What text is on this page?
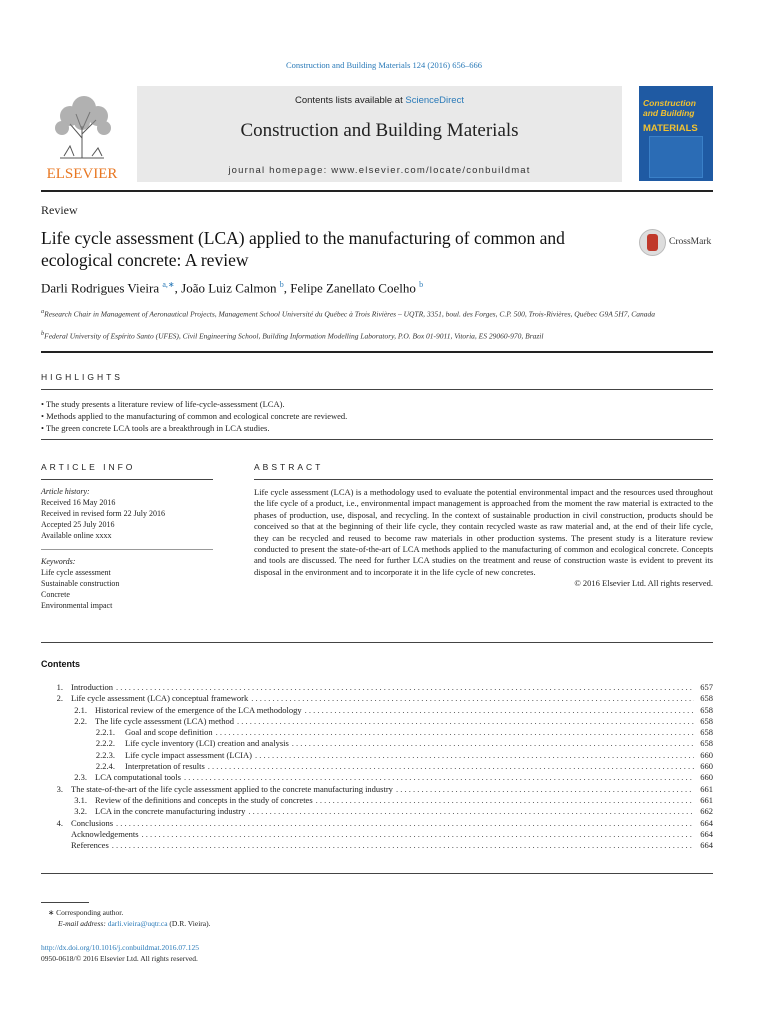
Construction and Building Materials 124 (2016) 656–666
ELSEVIER
Contents lists available at ScienceDirect
Construction and Building Materials
journal homepage: www.elsevier.com/locate/conbuildmat
Construction and Building
MATERIALS
Review
Life cycle assessment (LCA) applied to the manufacturing of common and ecological concrete: A review
CrossMark
Darli Rodrigues Vieira $^{a,∗}$, João Luiz Calmon $^b$, Felipe Zanellato Coelho $^b$
$^a$Research Chair in Management of Aeronautical Projects, Management School Université du Québec à Trois Rivières – UQTR, 3351, boul. des Forges, C.P. 500, Trois-Rivières, Québec G9A 5H7, Canada
$^b$Federal University of Espírito Santo (UFES), Civil Engineering School, Building Information Modelling Laboratory, P.O. Box 01-9011, Vitoria, ES 29060-970, Brazil
HIGHLIGHTS
• The study presents a literature review of life-cycle-assessment (LCA).
• Methods applied to the manufacturing of common and ecological concrete are reviewed.
• The green concrete LCA tools are a breakthrough in LCA studies.
ARTICLE INFO
Article history:
Received 16 May 2016
Received in revised form 22 July 2016
Accepted 25 July 2016
Available online xxxx
Keywords:
Life cycle assessment
Sustainable construction
Concrete
Environmental impact
ABSTRACT
Life cycle assessment (LCA) is a methodology used to evaluate the potential environmental impact and the resources used throughout the life cycle of a product, i.e., environmental impact management is approached from the moment the raw material is extracted to the phases of production, use, disposal, and recycling. In the context of sustainable production in civil construction, products should be conceived so that at the beginning of their life cycle, they contain recycled waste as raw material and, at the end of their life cycle, they can be recycled and reused to become raw materials in other production systems. The present study is a literature review conducted to present the state-of-the-art of LCA methods applied to the manufacturing of common and ecological concrete. Concepts and tools are discussed. The need for further LCA studies on the treatment and reuse of construction waste is evident to prevent its disposal in the environment and to incorporate it in the life cycle of new concretes.
© 2016 Elsevier Ltd. All rights reserved.
Contents
1. Introduction . . .	657
2. Life cycle assessment (LCA) conceptual framework . . .	658
2.1. Historical review of the emergence of the LCA methodology . . .	658
2.2. The life cycle assessment (LCA) method . . .	658
2.2.1. Goal and scope definition . . .	658
2.2.2. Life cycle inventory (LCI) creation and analysis . . .	658
2.2.3. Life cycle impact assessment (LCIA) . . .	660
2.2.4. Interpretation of results . . .	660
2.3. LCA computational tools . . .	660
3. The state-of-the-art of the life cycle assessment applied to the concrete manufacturing industry . . .	661
3.1. Review of the definitions and concepts in the study of concretes . . .	661
3.2. LCA in the concrete manufacturing industry . . .	662
4. Conclusions . . .	664
Acknowledgements . . .	664
References . . .	664
∗ Corresponding author.
E-mail address: darli.vieira@uqtr.ca (D.R. Vieira).
http://dx.doi.org/10.1016/j.conbuildmat.2016.07.125
0950-0618/© 2016 Elsevier Ltd. All rights reserved.
